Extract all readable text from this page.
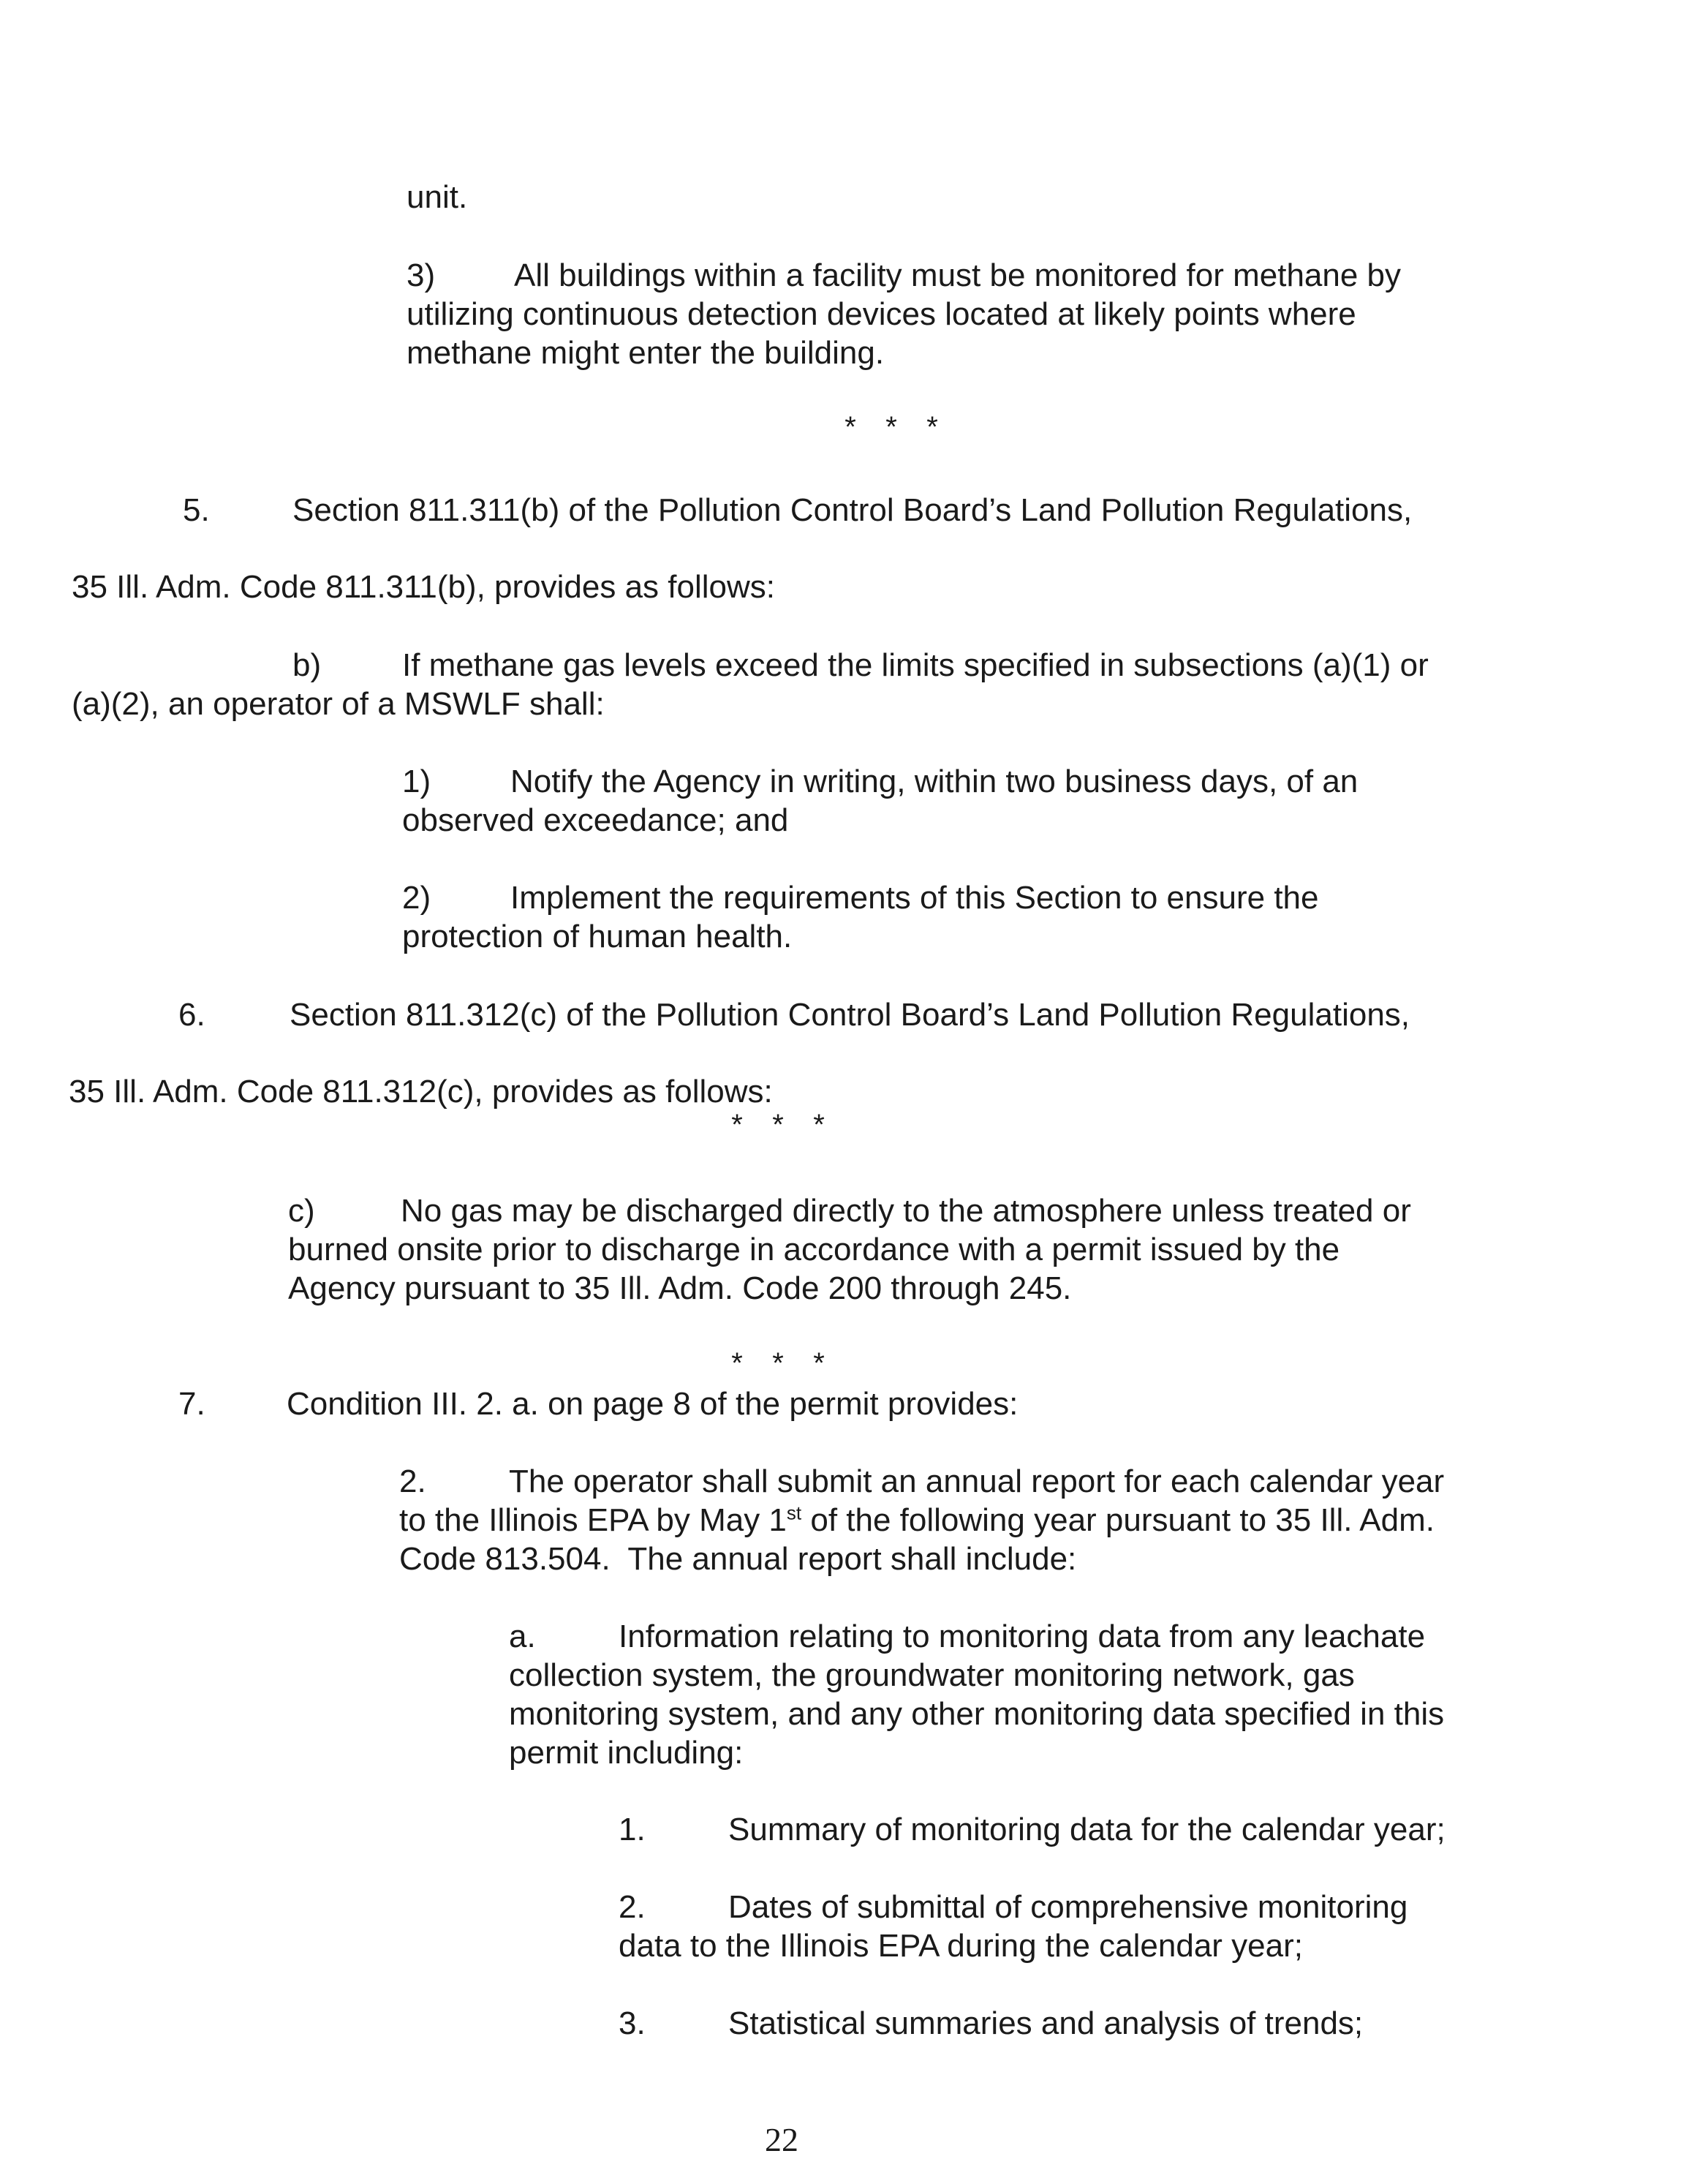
unit.
3) All buildings within a facility must be monitored for methane by
utilizing continuous detection devices located at likely points where
methane might enter the building.
* * *
5.	Section 811.311(b) of the Pollution Control Board’s Land Pollution Regulations,
35 Ill. Adm. Code 811.311(b), provides as follows:
b)	If methane gas levels exceed the limits specified in subsections (a)(1) or
(a)(2), an operator of a MSWLF shall:
1) Notify the Agency in writing, within two business days, of an
observed exceedance; and
2) Implement the requirements of this Section to ensure the
protection of human health.
6.	Section 811.312(c) of the Pollution Control Board’s Land Pollution Regulations,
35 Ill. Adm. Code 811.312(c), provides as follows:
* * *
c)	No gas may be discharged directly to the atmosphere unless treated or
burned onsite prior to discharge in accordance with a permit issued by the
Agency pursuant to 35 Ill. Adm. Code 200 through 245.
* * *
7.	Condition III. 2. a. on page 8 of the permit provides:
2.	The operator shall submit an annual report for each calendar year
to the Illinois EPA by May 1st of the following year pursuant to 35 Ill. Adm.
Code 813.504.  The annual report shall include:
a.	Information relating to monitoring data from any leachate
collection system, the groundwater monitoring network, gas
monitoring system, and any other monitoring data specified in this
permit including:
1.	Summary of monitoring data for the calendar year;
2.	Dates of submittal of comprehensive monitoring
data to the Illinois EPA during the calendar year;
3.	Statistical summaries and analysis of trends;
22
